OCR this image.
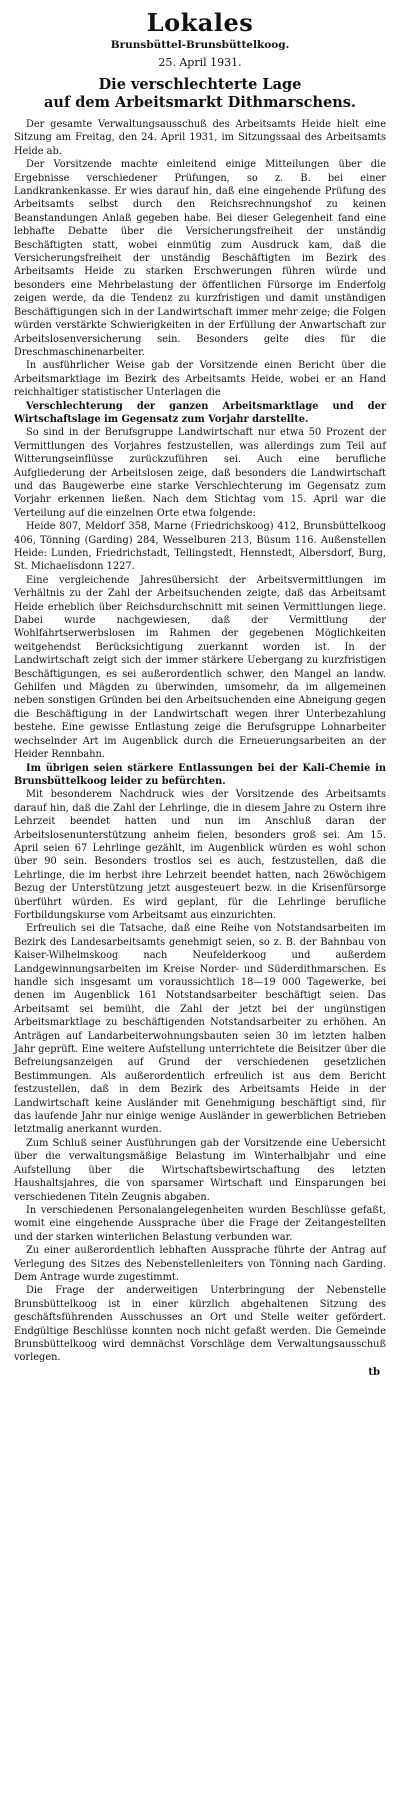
Lokales
Brunsbüttel-Brunsbüttelkoog.
25. April 1931.
Die verschlechterte Lage
auf dem Arbeitsmarkt Dithmarschens.

Der gesamte Verwaltungsausschuß des Arbeitsamts Heide hielt eine Sitzung am Freitag, den 24. April 1931, im Sitzungssaal des Arbeitsamts Heide ab.

Der Vorsitzende machte einleitend einige Mitteilungen über die Ergebnisse verschiedener Prüfungen, so z. B. bei einer Landkrankenkasse. Er wies darauf hin, daß eine eingehende Prüfung des Arbeitsamts selbst durch den Reichsrechnungshof zu keinen Beanstandungen Anlaß gegeben habe. Bei dieser Gelegenheit fand eine lebhafte Debatte über die Versicherungsfreiheit der unständig Beschäftigten statt, wobei einmütig zum Ausdruck kam, daß die Versicherungsfreiheit der unständig Beschäftigten im Bezirk des Arbeitsamts Heide zu starken Erschwerungen führen würde und besonders eine Mehrbelastung der öffentlichen Fürsorge im Enderfolg zeigen werde, da die Tendenz zu kurzfristigen und damit unständigen Beschäftigungen sich in der Landwirtschaft immer mehr zeige; die Folgen würden verstärkte Schwierigkeiten in der Erfüllung der Anwartschaft zur Arbeitslosenversicherung sein. Besonders gelte dies für die Dreschmaschinenarbeiter.

In ausführlicher Weise gab der Vorsitzende einen Bericht über die Arbeitsmarktlage im Bezirk des Arbeitsamts Heide, wobei er an Hand reichhaltiger statistischer Unterlagen die

Verschlechterung der ganzen Arbeitsmarktlage und der Wirtschaftslage im Gegensatz zum Vorjahr darstellte.

So sind in der Berufsgruppe Landwirtschaft nur etwa 50 Prozent der Vermittlungen des Vorjahres festzustellen, was allerdings zum Teil auf Witterungseinflüsse zurückzuführen sei. Auch eine berufliche Aufgliederung der Arbeitslosen zeige, daß besonders die Landwirtschaft und das Baugewerbe eine starke Verschlechterung im Gegensatz zum Vorjahr erkennen ließen. Nach dem Stichtag vom 15. April war die Verteilung auf die einzelnen Orte etwa folgende:

Heide 807, Meldorf 358, Marne (Friedrichskoog) 412, Brunsbüttelkoog 406, Tönning (Garding) 284, Wesselburen 213, Büsum 116. Außenstellen Heide: Lunden, Friedrichstadt, Tellingstedt, Hennstedt, Albersdorf, Burg, St. Michaelisdonn 1227.

Eine vergleichende Jahresübersicht der Arbeitsvermittlungen im Verhältnis zu der Zahl der Arbeitsuchenden zeigte, daß das Arbeitsamt Heide erheblich über Reichsdurchschnitt mit seinen Vermittlungen liege. Dabei wurde nachgewiesen, daß der Vermittlung der Wohlfahrtserwerbslosen im Rahmen der gegebenen Möglichkeiten weitgehendst Berücksichtigung zuerkannt worden ist. In der Landwirtschaft zeigt sich der immer stärkere Uebergang zu kurzfristigen Beschäftigungen, es sei außerordentlich schwer, den Mangel an landw. Gehilfen und Mägden zu überwinden, umsomehr, da im allgemeinen neben sonstigen Gründen bei den Arbeitsuchenden eine Abneigung gegen die Beschäftigung in der Landwirtschaft wegen ihrer Unterbezahlung bestehe. Eine gewisse Entlastung zeige die Berufsgruppe Lohnarbeiter wechselnder Art im Augenblick durch die Erneuerungsarbeiten an der Heider Rennbahn.

Im übrigen seien stärkere Entlassungen bei der Kali-Chemie in Brunsbüttelkoog leider zu befürchten.

Mit besonderem Nachdruck wies der Vorsitzende des Arbeitsamts darauf hin, daß die Zahl der Lehrlinge, die in diesem Jahre zu Ostern ihre Lehrzeit beendet hatten und nun im Anschluß daran der Arbeitslosenunterstützung anheim fielen, besonders groß sei. Am 15. April seien 67 Lehrlinge gezählt, im Augenblick würden es wohl schon über 90 sein. Besonders trostlos sei es auch, festzustellen, daß die Lehrlinge, die im herbst ihre Lehrzeit beendet hatten, nach 26wöchigem Bezug der Unterstützung jetzt ausgesteuert bezw. in die Krisenfürsorge überführt würden. Es wird geplant, für die Lehrlinge berufliche Fortbildungskurse vom Arbeitsamt aus einzurichten.

Erfreulich sei die Tatsache, daß eine Reihe von Notstandsarbeiten im Bezirk des Landesarbeitsamts genehmigt seien, so z. B. der Bahnbau von Kaiser-Wilhelmskoog nach Neufelderkoog und außerdem Landgewinnungsarbeiten im Kreise Norder- und Süderdithmarschen. Es handle sich insgesamt um voraussichtlich 18—19 000 Tagewerke, bei denen im Augenblick 161 Notstandsarbeiter beschäftigt seien. Das Arbeitsamt sei bemüht, die Zahl der jetzt bei der ungünstigen Arbeitsmarktlage zu beschäftigenden Notstandsarbeiter zu erhöhen. An Anträgen auf Landarbeiterwohnungsbauten seien 30 im letzten halben Jahr geprüft. Eine weitere Aufstellung unterrichtete die Beisitzer über die Befreiungsanzeigen auf Grund der verschiedenen gesetzlichen Bestimmungen. Als außerordentlich erfreulich ist aus dem Bericht festzustellen, daß in dem Bezirk des Arbeitsamts Heide in der Landwirtschaft keine Ausländer mit Genehmigung beschäftigt sind, für das laufende Jahr nur einige wenige Ausländer in gewerblichen Betrieben letztmalig anerkannt wurden.

Zum Schluß seiner Ausführungen gab der Vorsitzende eine Uebersicht über die verwaltungsmäßige Belastung im Winterhalbjahr und eine Aufstellung über die Wirtschaftsbewirtschaftung des letzten Haushaltsjahres, die von sparsamer Wirtschaft und Einsparungen bei verschiedenen Titeln Zeugnis abgaben.

In verschiedenen Personalangelegenheiten wurden Beschlüsse gefaßt, womit eine eingehende Aussprache über die Frage der Zeitangestellten und der starken winterlichen Belastung verbunden war.

Zu einer außerordentlich lebhaften Aussprache führte der Antrag auf Verlegung des Sitzes des Nebenstellenleiters von Tönning nach Garding. Dem Antrage wurde zugestimmt.

Die Frage der anderweitigen Unterbringung der Nebenstelle Brunsbüttelkoog ist in einer kürzlich abgehaltenen Sitzung des geschäftsführenden Ausschusses an Ort und Stelle weiter gefördert. Endgültige Beschlüsse konnten noch nicht gefaßt werden. Die Gemeinde Brunsbüttelkoog wird demnächst Vorschläge dem Verwaltungsausschuß vorlegen.

tb
